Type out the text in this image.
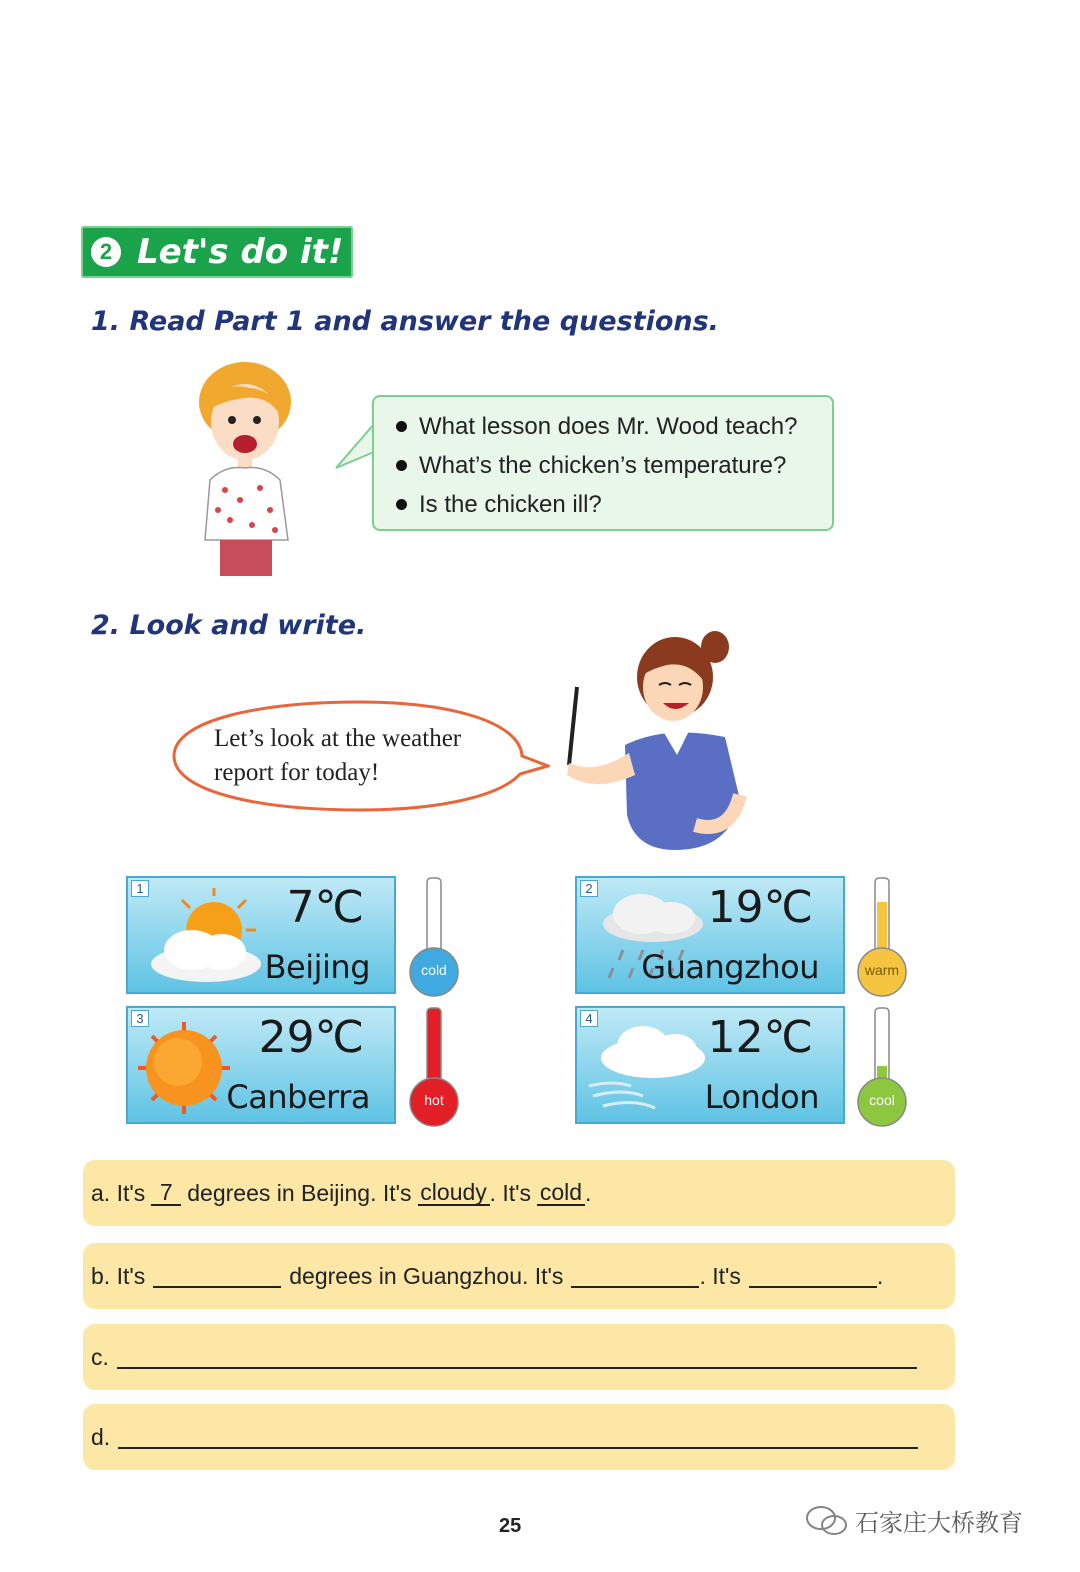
2 Let's do it!
1. Read Part 1 and answer the questions.
What lesson does Mr. Wood teach?
What’s the chicken’s temperature?
Is the chicken ill?
2. Look and write.
Let’s look at the weather
report for today!
1	7℃
Beijing	cold
2	19℃
Guangzhou	warm
3	29℃
Canberra	hot
4	12℃
London	cool
a. It's 7 degrees in Beijing. It's cloudy . It's cold .
b. It's	degrees in Guangzhou. It's	. It's	.
c.
d.
25	石家庄大桥教育
